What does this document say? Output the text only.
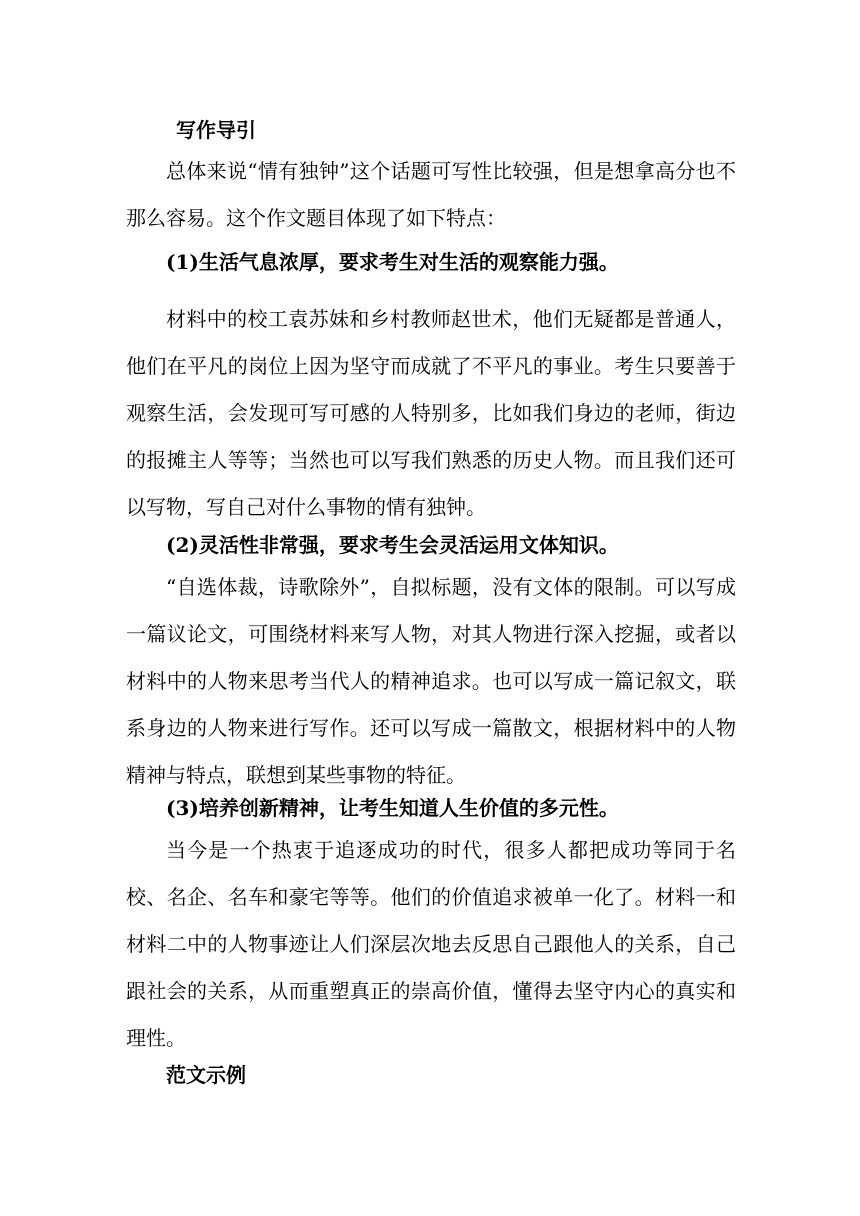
写作导引

总体来说“情有独钟”这个话题可写性比较强，但是想拿高分也不那么容易。这个作文题目体现了如下特点：

(1)生活气息浓厚，要求考生对生活的观察能力强。

材料中的校工袁苏妹和乡村教师赵世术，他们无疑都是普通人，他们在平凡的岗位上因为坚守而成就了不平凡的事业。考生只要善于观察生活，会发现可写可感的人特别多，比如我们身边的老师，街边的报摊主人等等；当然也可以写我们熟悉的历史人物。而且我们还可以写物，写自己对什么事物的情有独钟。

(2)灵活性非常强，要求考生会灵活运用文体知识。

“自选体裁，诗歌除外”，自拟标题，没有文体的限制。可以写成一篇议论文，可围绕材料来写人物，对其人物进行深入挖掘，或者以材料中的人物来思考当代人的精神追求。也可以写成一篇记叙文，联系身边的人物来进行写作。还可以写成一篇散文，根据材料中的人物精神与特点，联想到某些事物的特征。

(3)培养创新精神，让考生知道人生价值的多元性。

当今是一个热衷于追逐成功的时代，很多人都把成功等同于名校、名企、名车和豪宅等等。他们的价值追求被单一化了。材料一和材料二中的人物事迹让人们深层次地去反思自己跟他人的关系，自己跟社会的关系，从而重塑真正的崇高价值，懂得去坚守内心的真实和理性。

范文示例
